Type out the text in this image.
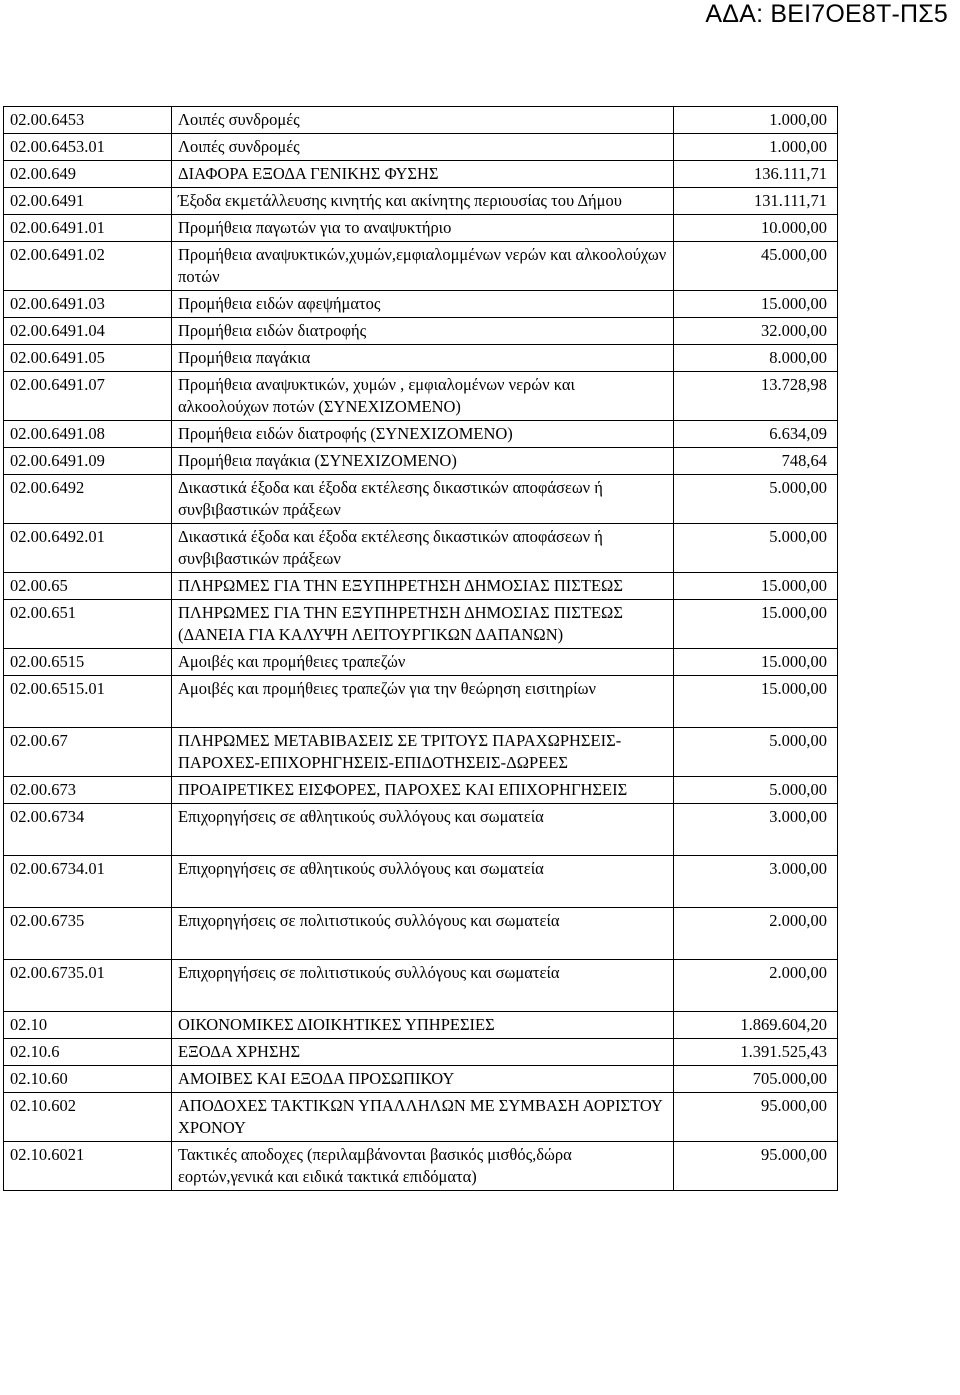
ΑΔΑ: ΒΕΙ7ΟΕ8Τ-ΠΣ5
02.00.6453	Λοιπές συνδρομές	1.000,00
02.00.6453.01	Λοιπές συνδρομές	1.000,00
02.00.649	ΔΙΑΦΟΡΑ ΕΞΟΔΑ ΓΕΝΙΚΗΣ ΦΥΣΗΣ	136.111,71
02.00.6491	Έξοδα εκμετάλλευσης κινητής και ακίνητης περιουσίας του Δήμου	131.111,71
02.00.6491.01	Προμήθεια παγωτών για το αναψυκτήριο	10.000,00
02.00.6491.02	Προμήθεια αναψυκτικών,χυμών,εμφιαλομμένων νερών και αλκοολούχων ποτών	45.000,00
02.00.6491.03	Προμήθεια ειδών αφεψήματος	15.000,00
02.00.6491.04	Προμήθεια ειδών διατροφής	32.000,00
02.00.6491.05	Προμήθεια παγάκια	8.000,00
02.00.6491.07	Προμήθεια αναψυκτικών, χυμών , εμφιαλομένων νερών και αλκοολούχων ποτών (ΣΥΝΕΧΙΖΟΜΕΝΟ)	13.728,98
02.00.6491.08	Προμήθεια ειδών διατροφής (ΣΥΝΕΧΙΖΟΜΕΝΟ)	6.634,09
02.00.6491.09	Προμήθεια παγάκια (ΣΥΝΕΧΙΖΟΜΕΝΟ)	748,64
02.00.6492	Δικαστικά έξοδα και έξοδα εκτέλεσης δικαστικών αποφάσεων ή συνβιβαστικών πράξεων	5.000,00
02.00.6492.01	Δικαστικά έξοδα και έξοδα εκτέλεσης δικαστικών αποφάσεων ή συνβιβαστικών πράξεων	5.000,00
02.00.65	ΠΛΗΡΩΜΕΣ ΓΙΑ ΤΗΝ ΕΞΥΠΗΡΕΤΗΣΗ ΔΗΜΟΣΙΑΣ ΠΙΣΤΕΩΣ	15.000,00
02.00.651	ΠΛΗΡΩΜΕΣ ΓΙΑ ΤΗΝ ΕΞΥΠΗΡΕΤΗΣΗ ΔΗΜΟΣΙΑΣ ΠΙΣΤΕΩΣ (ΔΑΝΕΙΑ ΓΙΑ ΚΑΛΥΨΗ ΛΕΙΤΟΥΡΓΙΚΩΝ ΔΑΠΑΝΩΝ)	15.000,00
02.00.6515	Αμοιβές και προμήθειες τραπεζών	15.000,00
02.00.6515.01	Αμοιβές και προμήθειες τραπεζών για την θεώρηση εισιτηρίων	15.000,00
02.00.67	ΠΛΗΡΩΜΕΣ ΜΕΤΑΒΙΒΑΣΕΙΣ ΣΕ ΤΡΙΤΟΥΣ ΠΑΡΑΧΩΡΗΣΕΙΣ-ΠΑΡΟΧΕΣ-ΕΠΙΧΟΡΗΓΗΣΕΙΣ-ΕΠΙΔΟΤΗΣΕΙΣ-ΔΩΡΕΕΣ	5.000,00
02.00.673	ΠΡΟΑΙΡΕΤΙΚΕΣ ΕΙΣΦΟΡΕΣ, ΠΑΡΟΧΕΣ ΚΑΙ ΕΠΙΧΟΡΗΓΗΣΕΙΣ	5.000,00
02.00.6734	Επιχορηγήσεις σε αθλητικούς συλλόγους και σωματεία	3.000,00
02.00.6734.01	Επιχορηγήσεις σε αθλητικούς συλλόγους και σωματεία	3.000,00
02.00.6735	Επιχορηγήσεις σε πολιτιστικούς συλλόγους και σωματεία	2.000,00
02.00.6735.01	Επιχορηγήσεις σε πολιτιστικούς συλλόγους και σωματεία	2.000,00
02.10	ΟΙΚΟΝΟΜΙΚΕΣ ΔΙΟΙΚΗΤΙΚΕΣ ΥΠΗΡΕΣΙΕΣ	1.869.604,20
02.10.6	ΕΞΟΔΑ ΧΡΗΣΗΣ	1.391.525,43
02.10.60	ΑΜΟΙΒΕΣ ΚΑΙ ΕΞΟΔΑ ΠΡΟΣΩΠΙΚΟΥ	705.000,00
02.10.602	ΑΠΟΔΟΧΕΣ ΤΑΚΤΙΚΩΝ ΥΠΑΛΛΗΛΩΝ ΜΕ ΣΥΜΒΑΣΗ ΑΟΡΙΣΤΟΥ ΧΡΟΝΟΥ	95.000,00
02.10.6021	Τακτικές αποδοχες (περιλαμβάνονται βασικός μισθός,δώρα εορτών,γενικά και ειδικά τακτικά επιδόματα)	95.000,00
